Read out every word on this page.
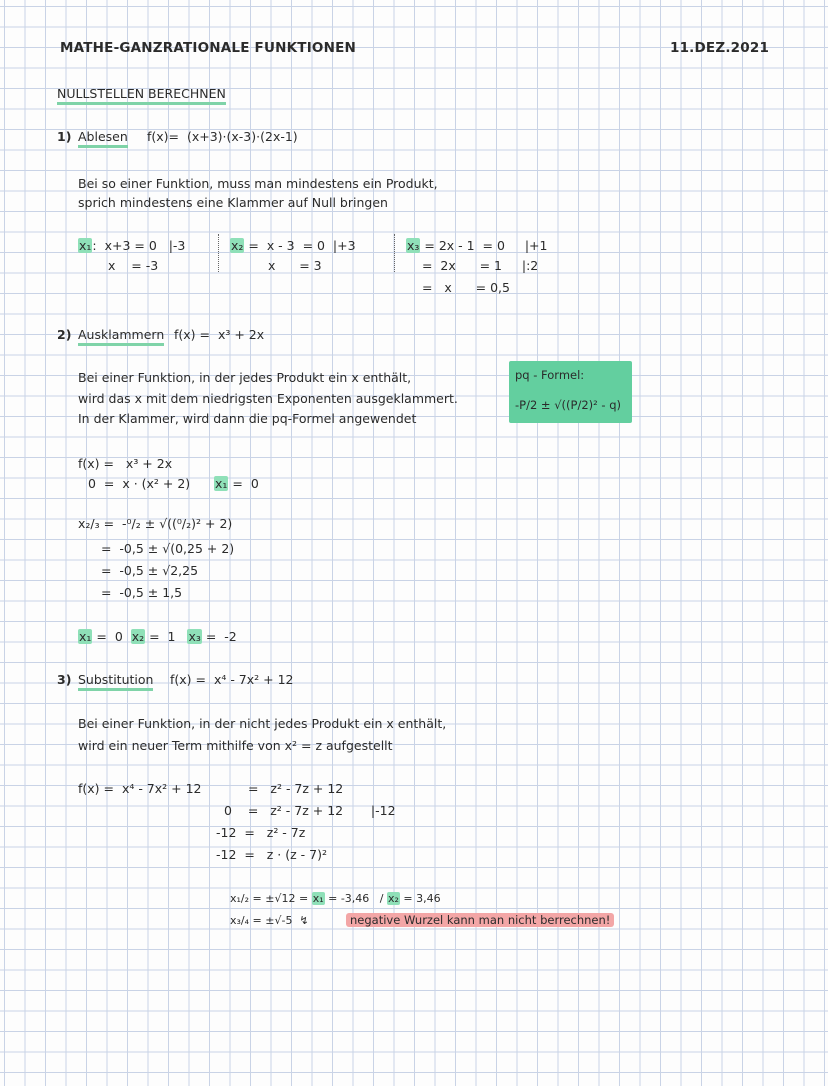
MATHE-GANZRATIONALE FUNKTIONEN	11.DEZ.2021
NULLSTELLEN BERECHNEN
1) Ablesen f(x)=  (x+3)·(x-3)·(2x-1)
Bei so einer Funktion, muss man mindestens ein Produkt,
sprich mindestens eine Klammer auf Null bringen
x₁:  x+3 = 0   |-3
x    = -3
x₂ =  x - 3  = 0  |+3
x      = 3
x₃ = 2x - 1  = 0     |+1
=  2x      = 1     |:2
=   x      = 0,5
2) Ausklammern f(x) =  x³ + 2x
Bei einer Funktion, in der jedes Produkt ein x enthält,
wird das x mit dem niedrigsten Exponenten ausgeklammert.
In der Klammer, wird dann die pq-Formel angewendet
pq - Formel:
-P/2 ± √((P/2)² - q)
f(x) =   x³ + 2x
0  =  x · (x² + 2) x₁ =  0
x₂/₃ =  -⁰/₂ ± √((⁰/₂)² + 2)
=  -0,5 ± √(0,25 + 2)
=  -0,5 ± √2,25
=  -0,5 ± 1,5
x₁ =  0 x₂ =  1 x₃ =  -2
3) Substitution f(x) =  x⁴ - 7x² + 12
Bei einer Funktion, in der nicht jedes Produkt ein x enthält,
wird ein neuer Term mithilfe von x² = z aufgestellt
f(x) =  x⁴ - 7x² + 12	=   z² - 7z + 12
0    =   z² - 7z + 12       |-12
-12  =   z² - 7z
-12  =   z · (z - 7)²
x₁/₂ = ±√12 = x₁ = -3,46   / x₂ = 3,46
x₃/₄ = ±√-5  ↯	negative Wurzel kann man nicht berrechnen!
